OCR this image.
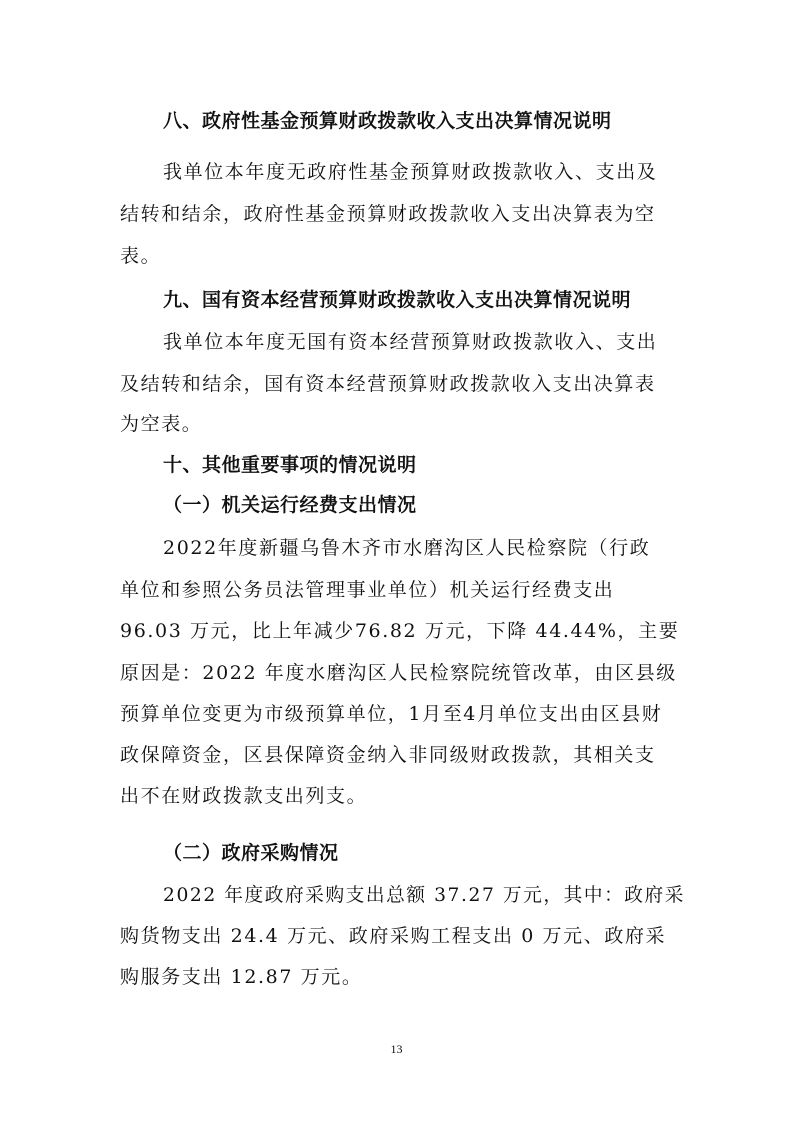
八、政府性基金预算财政拨款收入支出决算情况说明
我单位本年度无政府性基金预算财政拨款收入、支出及
结转和结余，政府性基金预算财政拨款收入支出决算表为空
表。
九、国有资本经营预算财政拨款收入支出决算情况说明
我单位本年度无国有资本经营预算财政拨款收入、支出
及结转和结余，国有资本经营预算财政拨款收入支出决算表
为空表。
十、其他重要事项的情况说明
（一）机关运行经费支出情况
2022年度新疆乌鲁木齐市水磨沟区人民检察院（行政
单位和参照公务员法管理事业单位）机关运行经费支出
96.03 万元，比上年减少76.82 万元，下降 44.44%，主要
原因是：2022 年度水磨沟区人民检察院统管改革，由区县级
预算单位变更为市级预算单位，1月至4月单位支出由区县财
政保障资金，区县保障资金纳入非同级财政拨款，其相关支
出不在财政拨款支出列支。
（二）政府采购情况
2022 年度政府采购支出总额 37.27 万元，其中：政府采
购货物支出 24.4 万元、政府采购工程支出 0 万元、政府采
购服务支出 12.87 万元。
13
